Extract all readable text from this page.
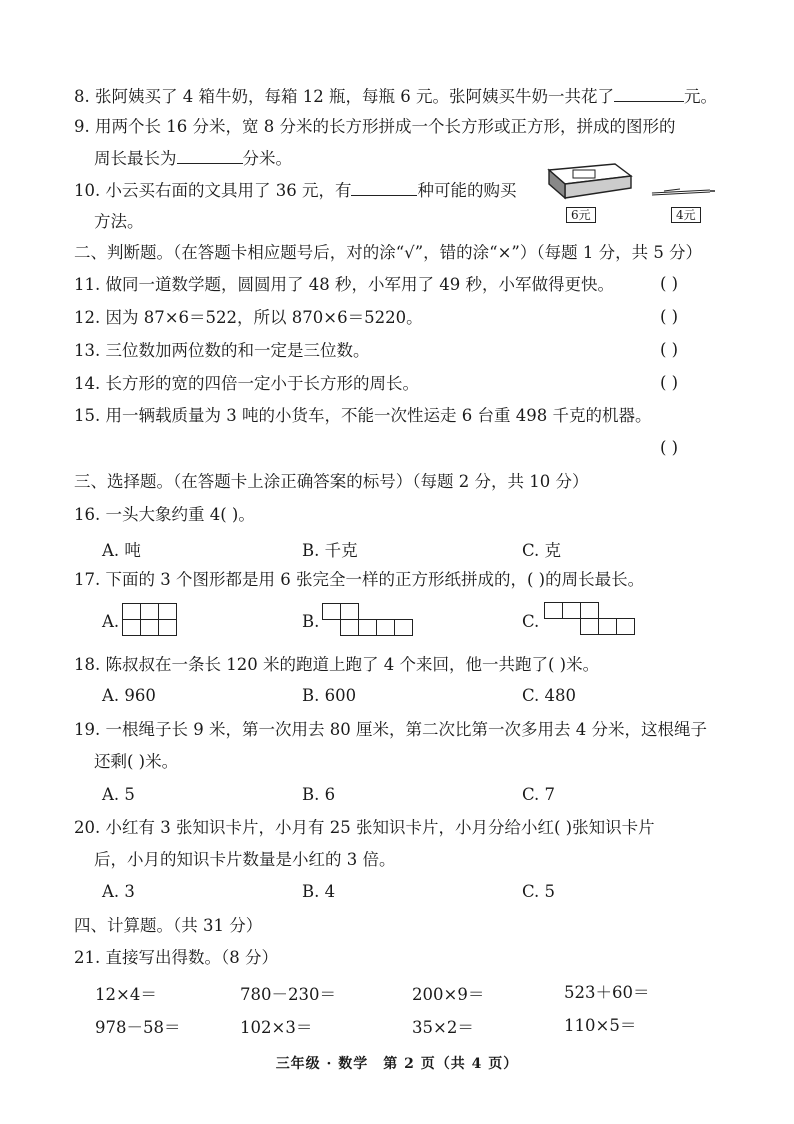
8. 张阿姨买了 4 箱牛奶，每箱 12 瓶，每瓶 6 元。张阿姨买牛奶一共花了	元。
9. 用两个长 16 分米，宽 8 分米的长方形拼成一个长方形或正方形，拼成的图形的
周长最长为	分米。
10. 小云买右面的文具用了 36 元，有	种可能的购买
方法。	6元	4元
二、判断题。（在答题卡相应题号后，对的涂“√”，错的涂“×”）（每题 1 分，共 5 分）
11. 做同一道数学题，圆圆用了 48 秒，小军用了 49 秒，小军做得更快。	( )
12. 因为 87×6＝522，所以 870×6＝5220。	( )
13. 三位数加两位数的和一定是三位数。	( )
14. 长方形的宽的四倍一定小于长方形的周长。	( )
15. 用一辆载质量为 3 吨的小货车，不能一次性运走 6 台重 498 千克的机器。
( )
三、选择题。（在答题卡上涂正确答案的标号）（每题 2 分，共 10 分）
16. 一头大象约重 4( )。
A. 吨	B. 千克	C. 克
17. 下面的 3 个图形都是用 6 张完全一样的正方形纸拼成的，( )的周长最长。
A.	B.	C.
18. 陈叔叔在一条长 120 米的跑道上跑了 4 个来回，他一共跑了( )米。
A. 960	B. 600	C. 480
19. 一根绳子长 9 米，第一次用去 80 厘米，第二次比第一次多用去 4 分米，这根绳子
还剩( )米。
A. 5	B. 6	C. 7
20. 小红有 3 张知识卡片，小月有 25 张知识卡片，小月分给小红( )张知识卡片
后，小月的知识卡片数量是小红的 3 倍。
A. 3	B. 4	C. 5
四、计算题。（共 31 分）
21. 直接写出得数。（8 分）
12×4＝	780－230＝	200×9＝	523＋60＝
978－58＝	102×3＝	35×2＝	110×5＝
三年级 · 数学　第 2 页（共 4 页）
